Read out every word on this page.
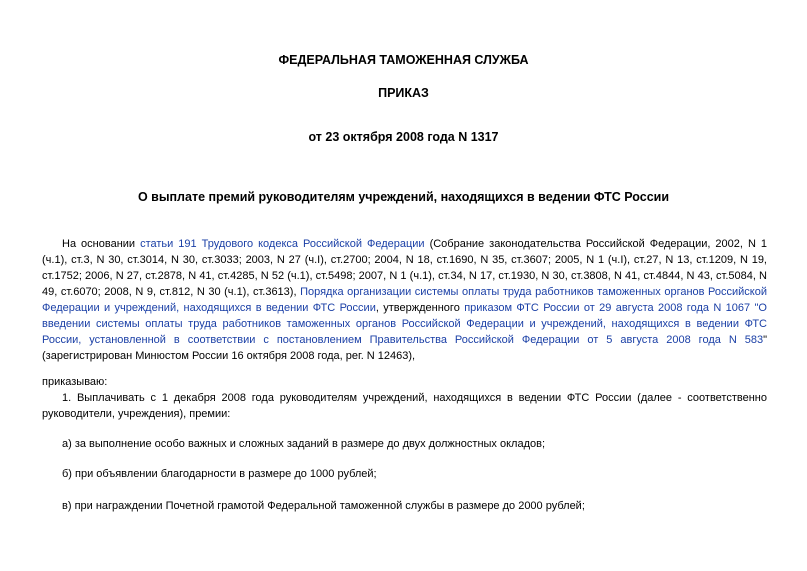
ФЕДЕРАЛЬНАЯ ТАМОЖЕННАЯ СЛУЖБА
ПРИКАЗ
от 23 октября 2008 года N 1317
О выплате премий руководителям учреждений, находящихся в ведении ФТС России
На основании статьи 191 Трудового кодекса Российской Федерации (Собрание законодательства Российской Федерации, 2002, N 1 (ч.1), ст.3, N 30, ст.3014, N 30, ст.3033; 2003, N 27 (ч.I), ст.2700; 2004, N 18, ст.1690, N 35, ст.3607; 2005, N 1 (ч.I), ст.27, N 13, ст.1209, N 19, ст.1752; 2006, N 27, ст.2878, N 41, ст.4285, N 52 (ч.1), ст.5498; 2007, N 1 (ч.1), ст.34, N 17, ст.1930, N 30, ст.3808, N 41, ст.4844, N 43, ст.5084, N 49, ст.6070; 2008, N 9, ст.812, N 30 (ч.1), ст.3613), Порядка организации системы оплаты труда работников таможенных органов Российской Федерации и учреждений, находящихся в ведении ФТС России, утвержденного приказом ФТС России от 29 августа 2008 года N 1067 "О введении системы оплаты труда работников таможенных органов Российской Федерации и учреждений, находящихся в ведении ФТС России, установленной в соответствии с постановлением Правительства Российской Федерации от 5 августа 2008 года N 583" (зарегистрирован Минюстом России 16 октября 2008 года, рег. N 12463),
приказываю:
1. Выплачивать с 1 декабря 2008 года руководителям учреждений, находящихся в ведении ФТС России (далее - соответственно руководители, учреждения), премии:
а) за выполнение особо важных и сложных заданий в размере до двух должностных окладов;
б) при объявлении благодарности в размере до 1000 рублей;
в) при награждении Почетной грамотой Федеральной таможенной службы в размере до 2000 рублей;
